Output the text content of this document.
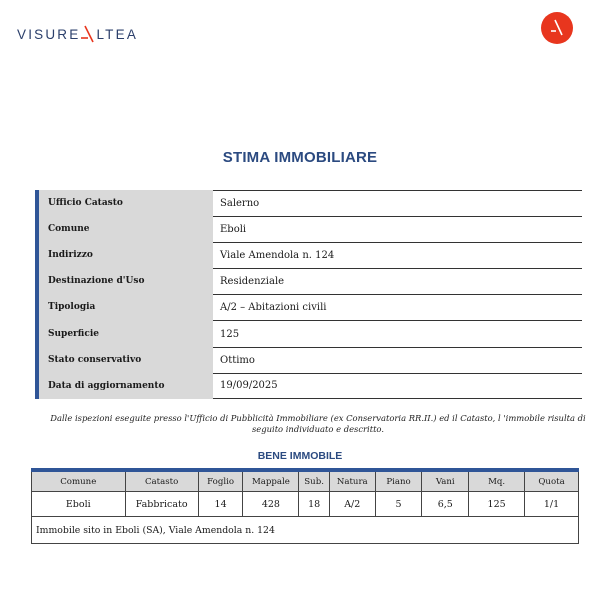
VISURE LTEA
STIMA IMMOBILIARE
Ufficio Catasto	Salerno
Comune	Eboli
Indirizzo	Viale Amendola n. 124
Destinazione d'Uso	Residenziale
Tipologia	A/2 – Abitazioni civili
Superficie	125
Stato conservativo	Ottimo
Data di aggiornamento	19/09/2025
Dalle ispezioni eseguite presso l'Ufficio di Pubblicità Immobiliare (ex Conservatoria RR.II.) ed il Catasto, l 'immobile risulta di seguito individuato e descritto.
BENE IMMOBILE
Comune	Catasto	Foglio	Mappale	Sub.	Natura	Piano	Vani	Mq.	Quota
Eboli	Fabbricato	14	428	18	A/2	5	6,5	125	1/1
Immobile sito in Eboli (SA), Viale Amendola n. 124									
